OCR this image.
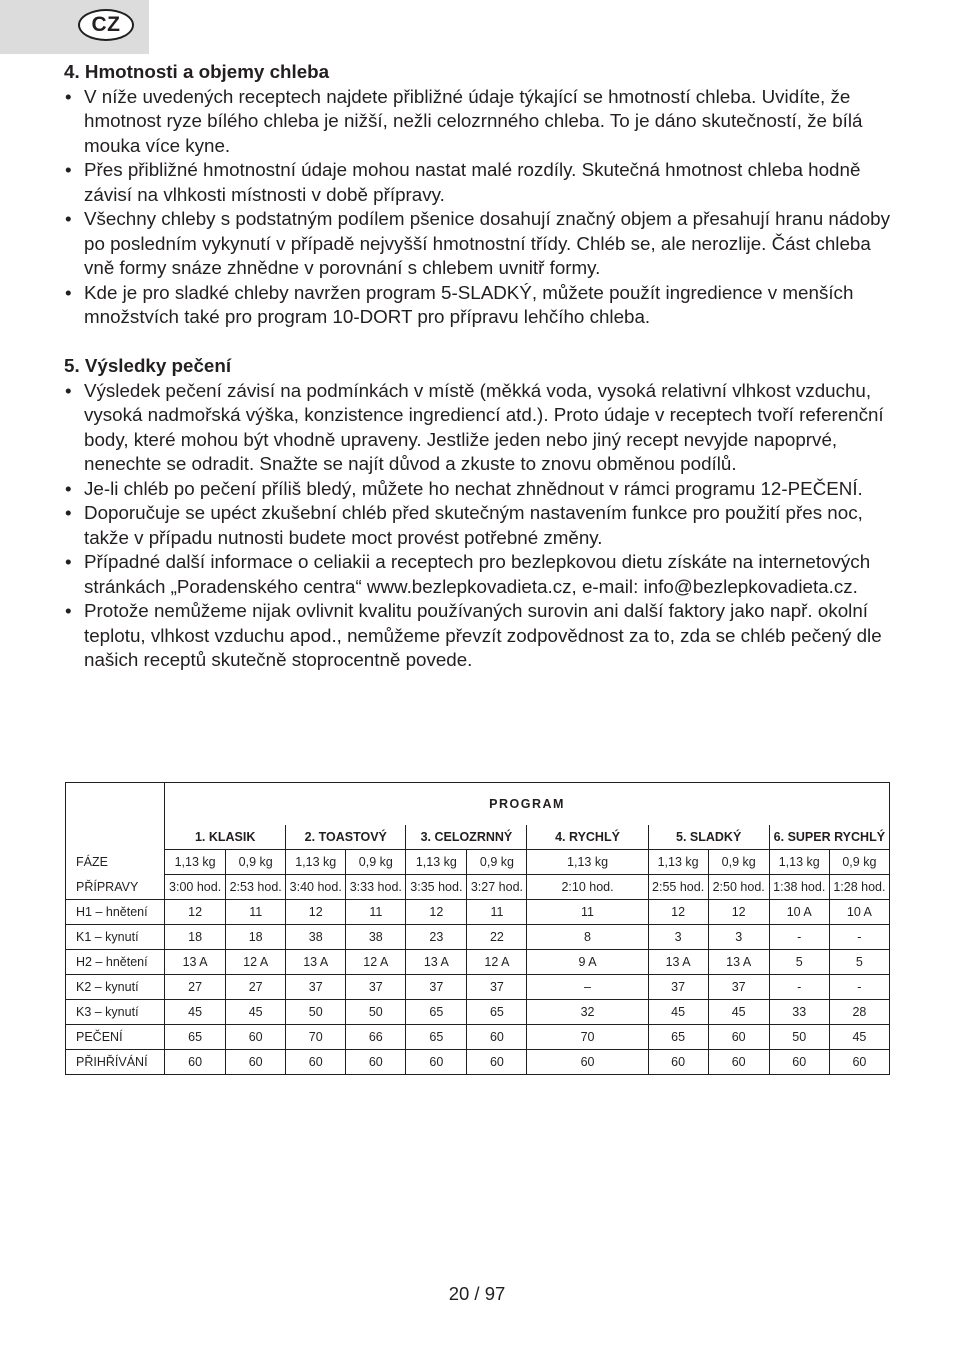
CZ

4. Hmotnosti a objemy chleba

• V níže uvedených receptech najdete přibližné údaje týkající se hmotností chleba. Uvidíte, že hmotnost ryze bílého chleba je nižší, nežli celozrnného chleba. To je dáno skutečností, že bílá mouka více kyne.
• Přes přibližné hmotnostní údaje mohou nastat malé rozdíly. Skutečná hmotnost chleba hodně závisí na vlhkosti místnosti v době přípravy.
• Všechny chleby s podstatným podílem pšenice dosahují značný objem a přesahují hranu nádoby po posledním vykynutí v případě nejvyšší hmotnostní třídy. Chléb se, ale nerozlije. Část chleba vně formy snáze zhnědne v porovnání s chlebem uvnitř formy.
• Kde je pro sladké chleby navržen program 5-SLADKÝ, můžete použít ingredience v menších množstvích také pro program 10-DORT pro přípravu lehčího chleba.

5. Výsledky pečení

• Výsledek pečení závisí na podmínkách v místě (měkká voda, vysoká relativní vlhkost vzduchu, vysoká nadmořská výška, konzistence ingrediencí atd.). Proto údaje v receptech tvoří referenční body, které mohou být vhodně upraveny. Jestliže jeden nebo jiný recept nevyjde napoprvé, nenechte se odradit. Snažte se najít důvod a zkuste to znovu obměnou podílů.
• Je-li chléb po pečení příliš bledý, můžete ho nechat zhnědnout v rámci programu 12-PEČENÍ.
• Doporučuje se upéct zkušební chléb před skutečným nastavením funkce pro použití přes noc, takže v případu nutnosti budete moct provést potřebné změny.
• Případné další informace o celiakii a receptech pro bezlepkovou dietu získáte na internetových stránkách „Poradenského centra“ www.bezlepkovadieta.cz, e-mail: info@bezlepkovadieta.cz.
• Protože nemůžeme nijak ovlivnit kvalitu používaných surovin ani další faktory jako např. okolní teplotu, vlhkost vzduchu apod., nemůžeme převzít zodpovědnost za to, zda se chléb pečený dle našich receptů skutečně stoprocentně povede.
	PROGRAM										
	1. KLASIK		2. TOASTOVÝ		3. CELOZRNNÝ		4. RYCHLÝ	5. SLADKÝ		6. SUPER RYCHLÝ	
FÁZE	1,13 kg	0,9 kg	1,13 kg	0,9 kg	1,13 kg	0,9 kg	1,13 kg	1,13 kg	0,9 kg	1,13 kg	0,9 kg
PŘÍPRAVY	3:00 hod.	2:53 hod.	3:40 hod.	3:33 hod.	3:35 hod.	3:27 hod.	2:10 hod.	2:55 hod.	2:50 hod.	1:38 hod.	1:28 hod.
H1 – hnětení	12	11	12	11	12	11	11	12	12	10 A	10 A
K1 – kynutí	18	18	38	38	23	22	8	3	3	-	-
H2 – hnětení	13 A	12 A	13 A	12 A	13 A	12 A	9 A	13 A	13 A	5	5
K2 – kynutí	27	27	37	37	37	37	–	37	37	-	-
K3 – kynutí	45	45	50	50	65	65	32	45	45	33	28
PEČENÍ	65	60	70	66	65	60	70	65	60	50	45
PŘIHŘÍVÁNÍ	60	60	60	60	60	60	60	60	60	60	60
20 / 97
